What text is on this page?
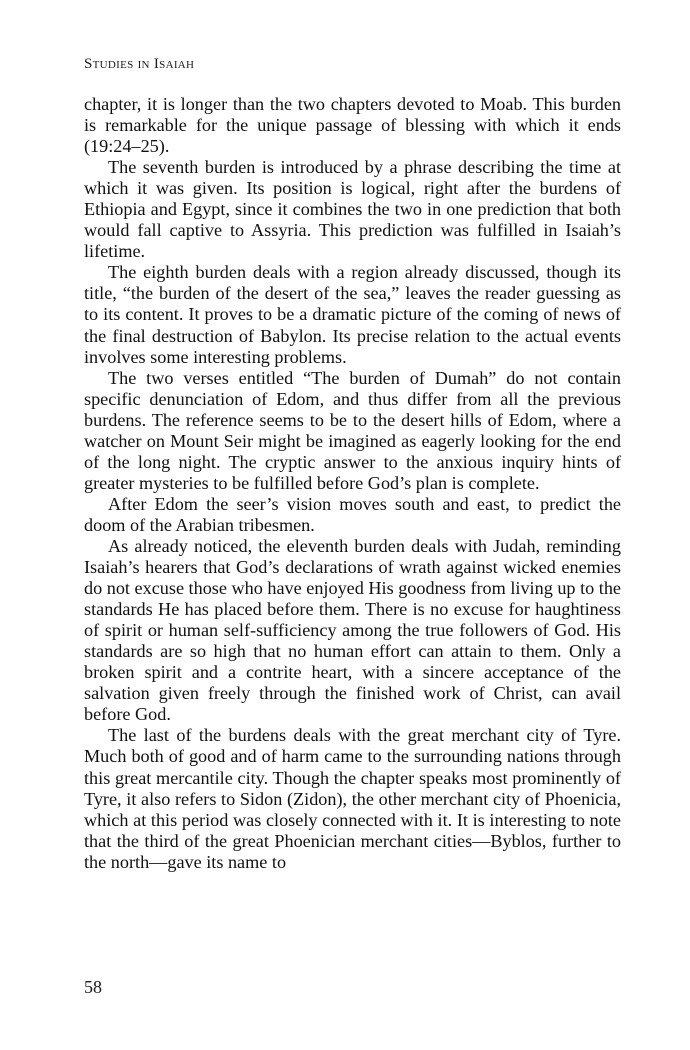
Studies in Isaiah

chapter, it is longer than the two chapters devoted to Moab. This burden is remarkable for the unique passage of blessing with which it ends (19:24–25).

The seventh burden is introduced by a phrase describing the time at which it was given. Its position is logical, right after the burdens of Ethiopia and Egypt, since it combines the two in one prediction that both would fall captive to Assyria. This prediction was fulfilled in Isaiah’s lifetime.

The eighth burden deals with a region already discussed, though its title, “the burden of the desert of the sea,” leaves the reader guessing as to its content. It proves to be a dramatic picture of the coming of news of the final destruction of Babylon. Its precise relation to the actual events involves some interesting problems.

The two verses entitled “The burden of Dumah” do not contain specific denunciation of Edom, and thus differ from all the previous burdens. The reference seems to be to the desert hills of Edom, where a watcher on Mount Seir might be imagined as eagerly looking for the end of the long night. The cryptic answer to the anxious inquiry hints of greater mysteries to be fulfilled before God’s plan is complete.

After Edom the seer’s vision moves south and east, to predict the doom of the Arabian tribesmen.

As already noticed, the eleventh burden deals with Judah, reminding Isaiah’s hearers that God’s declarations of wrath against wicked enemies do not excuse those who have enjoyed His goodness from living up to the standards He has placed before them. There is no excuse for haughtiness of spirit or human self-sufficiency among the true followers of God. His standards are so high that no human effort can attain to them. Only a broken spirit and a contrite heart, with a sincere acceptance of the salvation given freely through the finished work of Christ, can avail before God.

The last of the burdens deals with the great merchant city of Tyre. Much both of good and of harm came to the surrounding nations through this great mercantile city. Though the chapter speaks most prominently of Tyre, it also refers to Sidon (Zidon), the other merchant city of Phoenicia, which at this period was closely connected with it. It is interesting to note that the third of the great Phoenician merchant cities—Byblos, further to the north—gave its name to

58
